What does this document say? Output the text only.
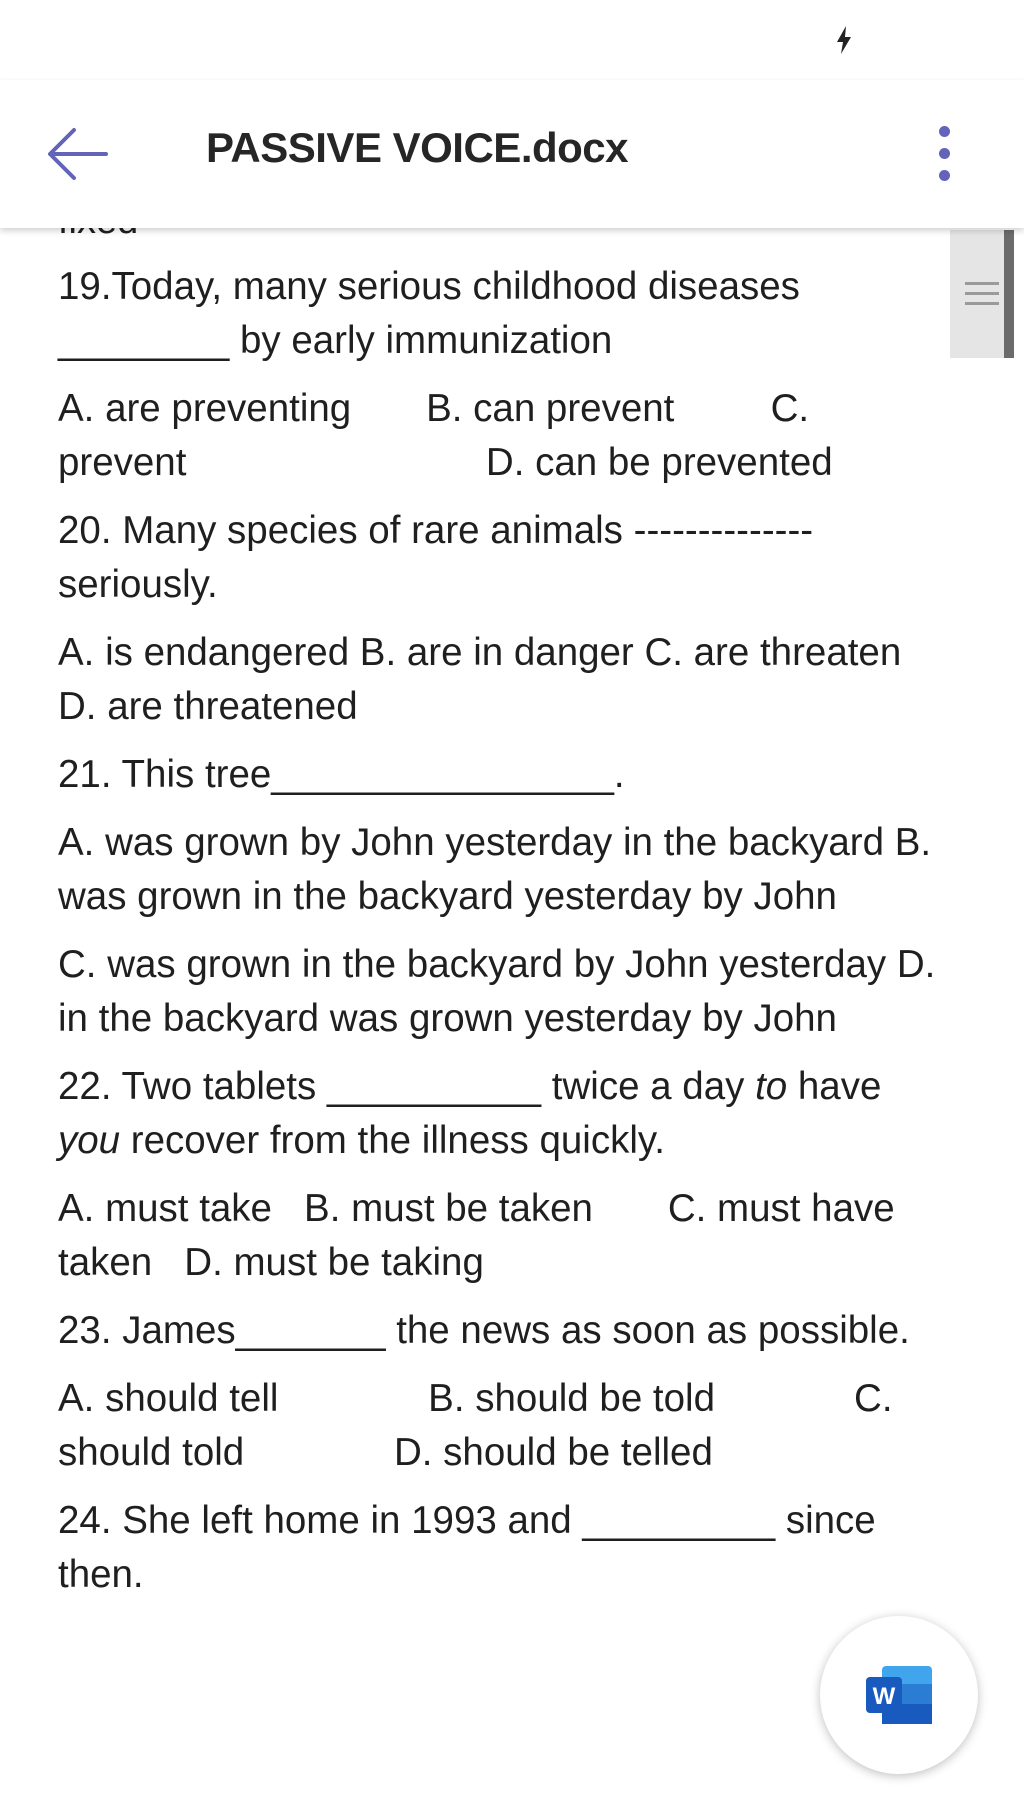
PASSIVE VOICE.docx

19.Today, many serious childhood diseases ________ by early immunization

A. are preventing       B. can prevent         C. prevent                            D. can be prevented

20. Many species of rare animals -------------- seriously.

A. is endangered B. are in danger C. are threaten   D. are threatened

21. This tree________________.

A. was grown by John yesterday in the backyard B. was grown in the backyard yesterday by John

C. was grown in the backyard by John yesterday D. in the backyard was grown yesterday by John

22. Two tablets __________ twice a day to have you recover from the illness quickly.

A. must take   B. must be taken       C. must have taken   D. must be taking

23. James_______ the news as soon as possible.

A. should tell              B. should be told             C. should told              D. should be telled

24. She left home in 1993 and _________ since then.

W
